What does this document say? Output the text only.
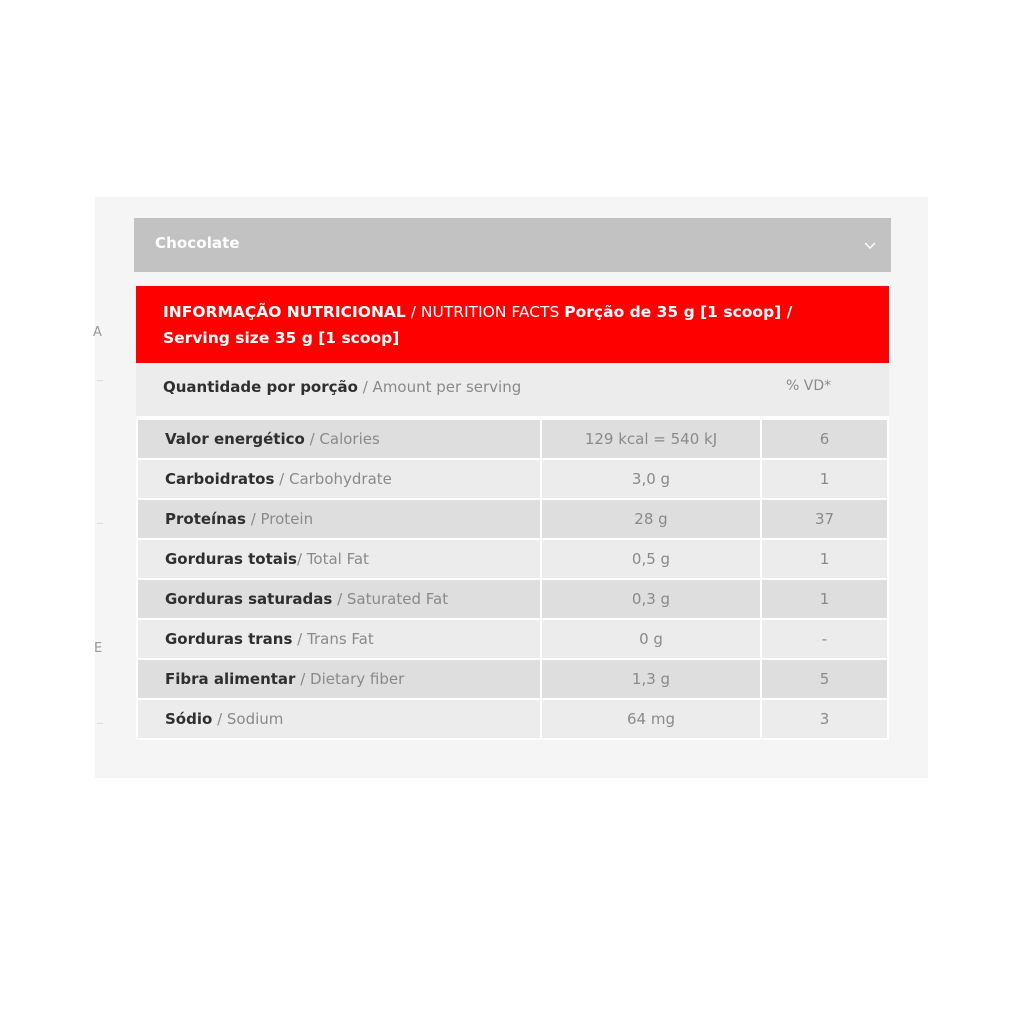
A
E
Chocolate
INFORMAÇÃO NUTRICIONAL / NUTRITION FACTS Porção de 35 g [1 scoop] / Serving size 35 g [1 scoop]
Quantidade por porção / Amount per serving	% VD*
Valor energético / Calories	129 kcal = 540 kJ	6
Carboidratos / Carbohydrate	3,0 g	1
Proteínas / Protein	28 g	37
Gorduras totais/ Total Fat	0,5 g	1
Gorduras saturadas / Saturated Fat	0,3 g	1
Gorduras trans / Trans Fat	0 g	-
Fibra alimentar / Dietary fiber	1,3 g	5
Sódio / Sodium	64 mg	3
